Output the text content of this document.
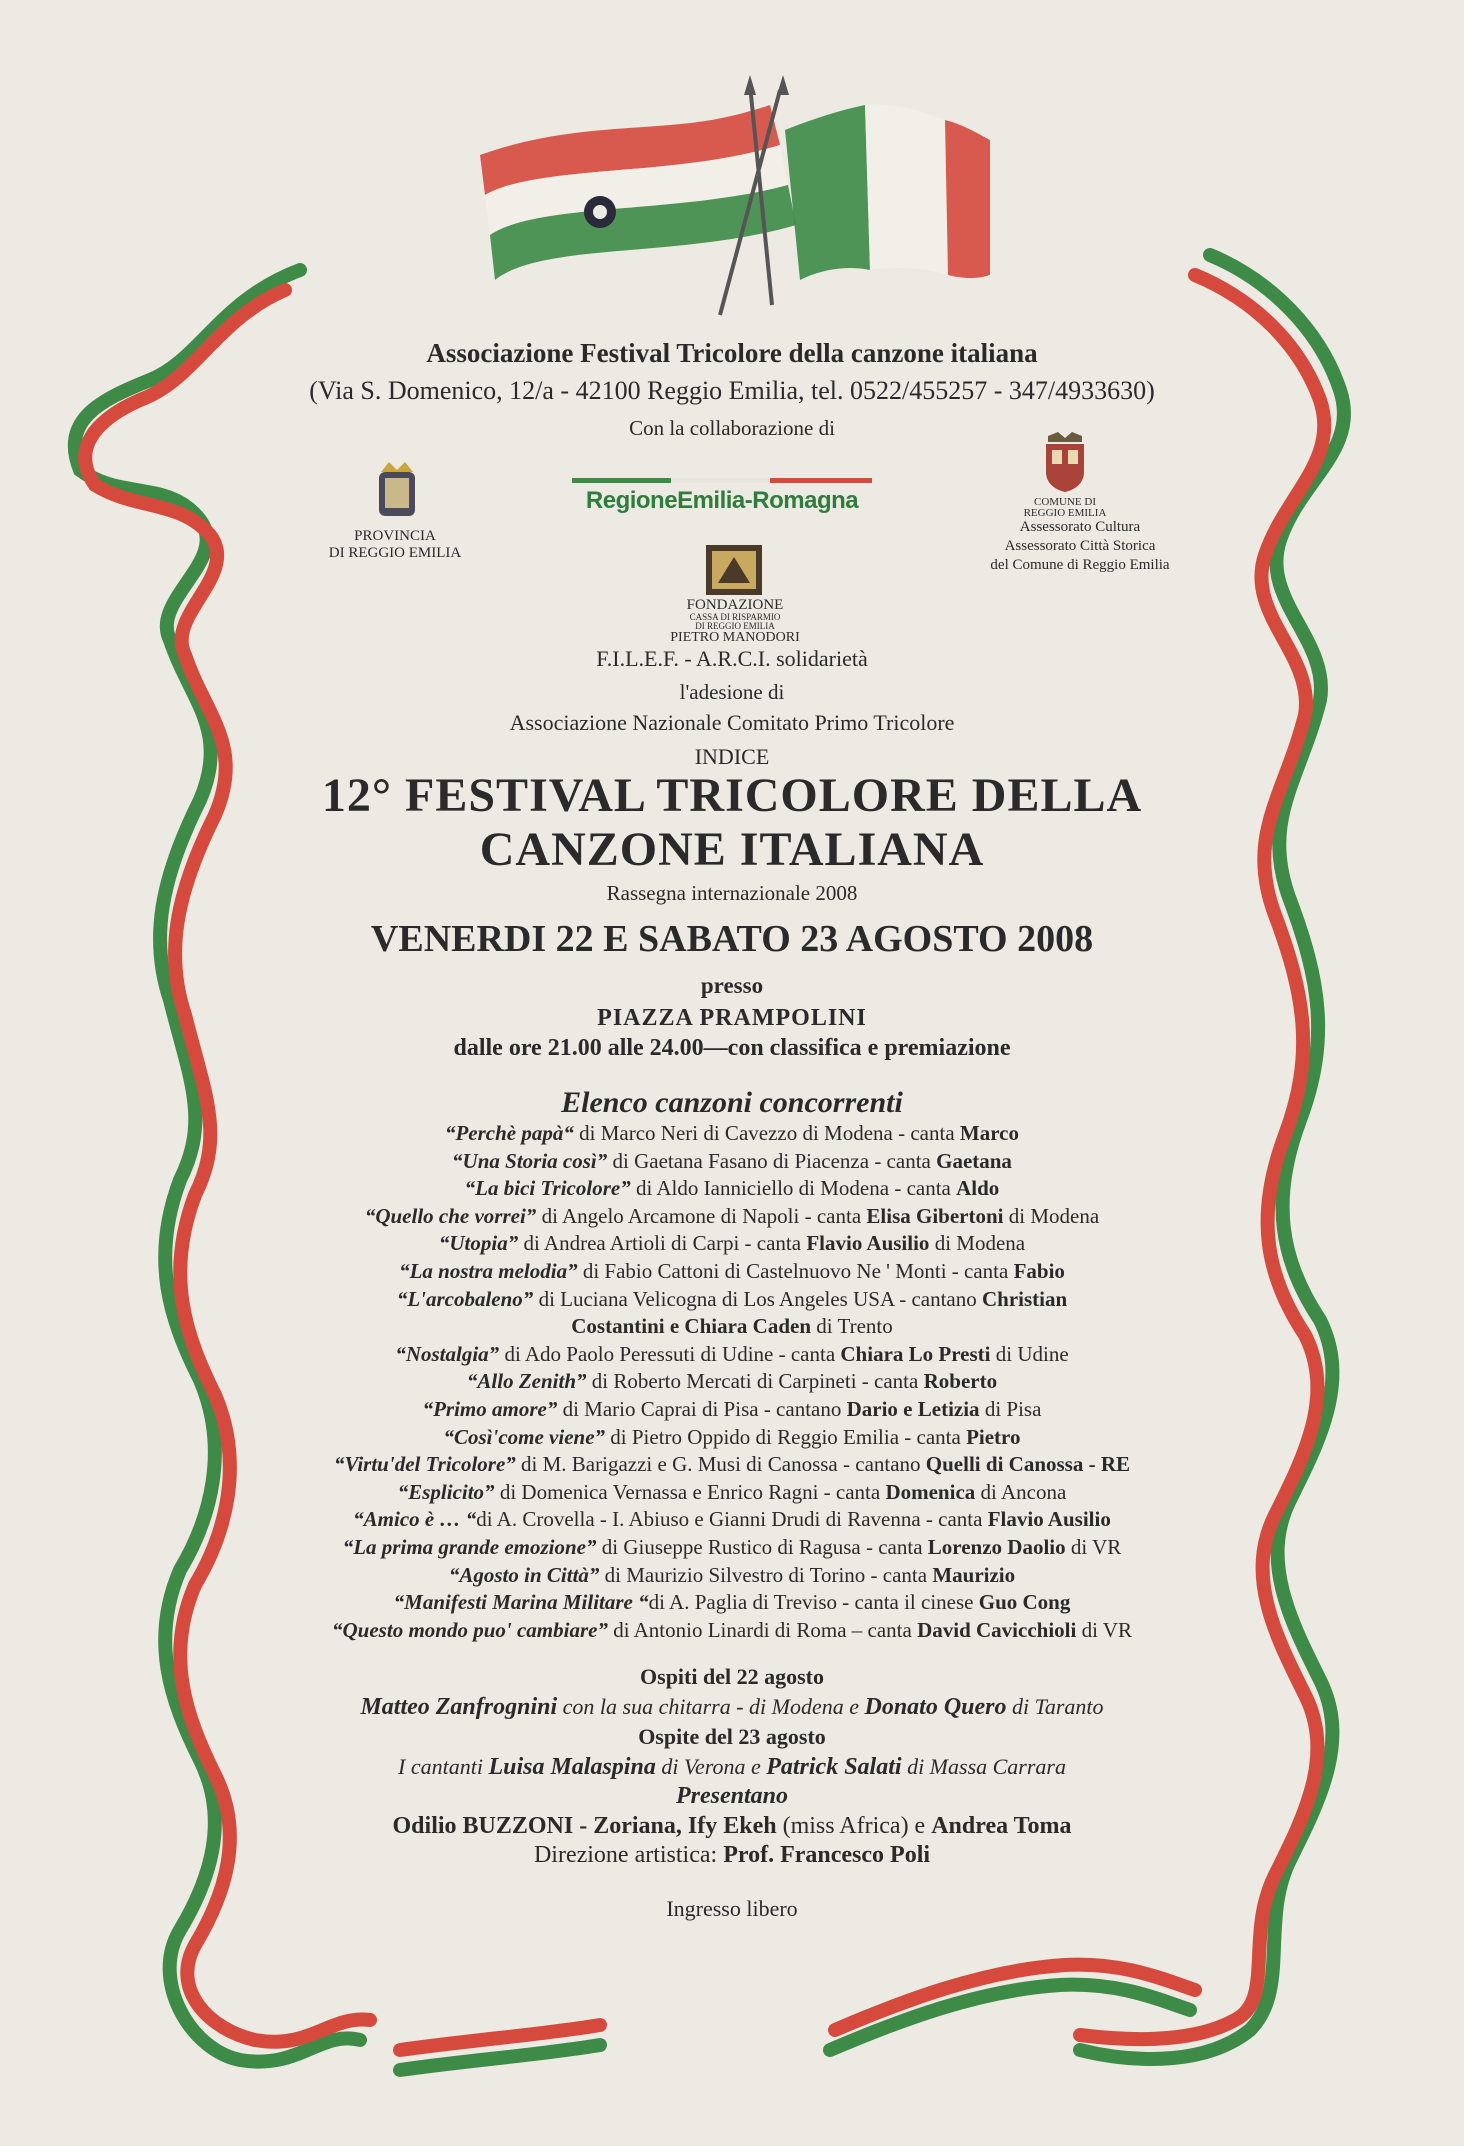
Associazione Festival Tricolore della canzone italiana
(Via S. Domenico, 12/a - 42100 Reggio Emilia, tel. 0522/455257 - 347/4933630)
Con la collaborazione di
PROVINCIA
DI REGGIO EMILIA
RegioneEmilia-Romagna	COMUNE DI
REGGIO EMILIA
Assessorato Cultura
Assessorato Città Storica
del Comune di Reggio Emilia
FONDAZIONE
CASSA DI RISPARMIO
DI REGGIO EMILIA
PIETRO MANODORI
F.I.L.E.F. - A.R.C.I. solidarietà
l'adesione di
Associazione Nazionale Comitato Primo Tricolore
INDICE
12° FESTIVAL TRICOLORE DELLA
CANZONE ITALIANA
Rassegna internazionale 2008
VENERDI 22 E SABATO 23 AGOSTO 2008
presso
PIAZZA PRAMPOLINI
dalle ore 21.00 alle 24.00—con classifica e premiazione
Elenco canzoni concorrenti
“Perchè papà“ di Marco Neri di Cavezzo di Modena - canta Marco
“Una Storia così” di Gaetana Fasano di Piacenza - canta Gaetana
“La bici Tricolore” di Aldo Ianniciello di Modena - canta Aldo
“Quello che vorrei” di Angelo Arcamone di Napoli - canta Elisa Gibertoni di Modena
“Utopia” di Andrea Artioli di Carpi - canta Flavio Ausilio di Modena
“La nostra melodia” di Fabio Cattoni di Castelnuovo Ne ' Monti - canta Fabio
“L'arcobaleno” di Luciana Velicogna di Los Angeles USA - cantano Christian
Costantini e Chiara Caden di Trento
“Nostalgia” di Ado Paolo Peressuti di Udine - canta Chiara Lo Presti di Udine
“Allo Zenith” di Roberto Mercati di Carpineti - canta Roberto
“Primo amore” di Mario Caprai di Pisa - cantano Dario e Letizia di Pisa
“Così'come viene” di Pietro Oppido di Reggio Emilia - canta Pietro
“Virtu'del Tricolore” di M. Barigazzi e G. Musi di Canossa - cantano Quelli di Canossa - RE
“Esplicito” di Domenica Vernassa e Enrico Ragni - canta Domenica di Ancona
“Amico è … “di A. Crovella - I. Abiuso e Gianni Drudi di Ravenna - canta Flavio Ausilio
“La prima grande emozione” di Giuseppe Rustico di Ragusa - canta Lorenzo Daolio di VR
“Agosto in Città” di Maurizio Silvestro di Torino - canta Maurizio
“Manifesti Marina Militare “di A. Paglia di Treviso - canta il cinese Guo Cong
“Questo mondo puo' cambiare” di Antonio Linardi di Roma – canta David Cavicchioli di VR
Ospiti del 22 agosto
Matteo Zanfrognini con la sua chitarra - di Modena e Donato Quero di Taranto
Ospite del 23 agosto
I cantanti Luisa Malaspina di Verona e Patrick Salati di Massa Carrara
Presentano
Odilio BUZZONI - Zoriana, Ify Ekeh (miss Africa) e Andrea Toma
Direzione artistica: Prof. Francesco Poli
Ingresso libero
